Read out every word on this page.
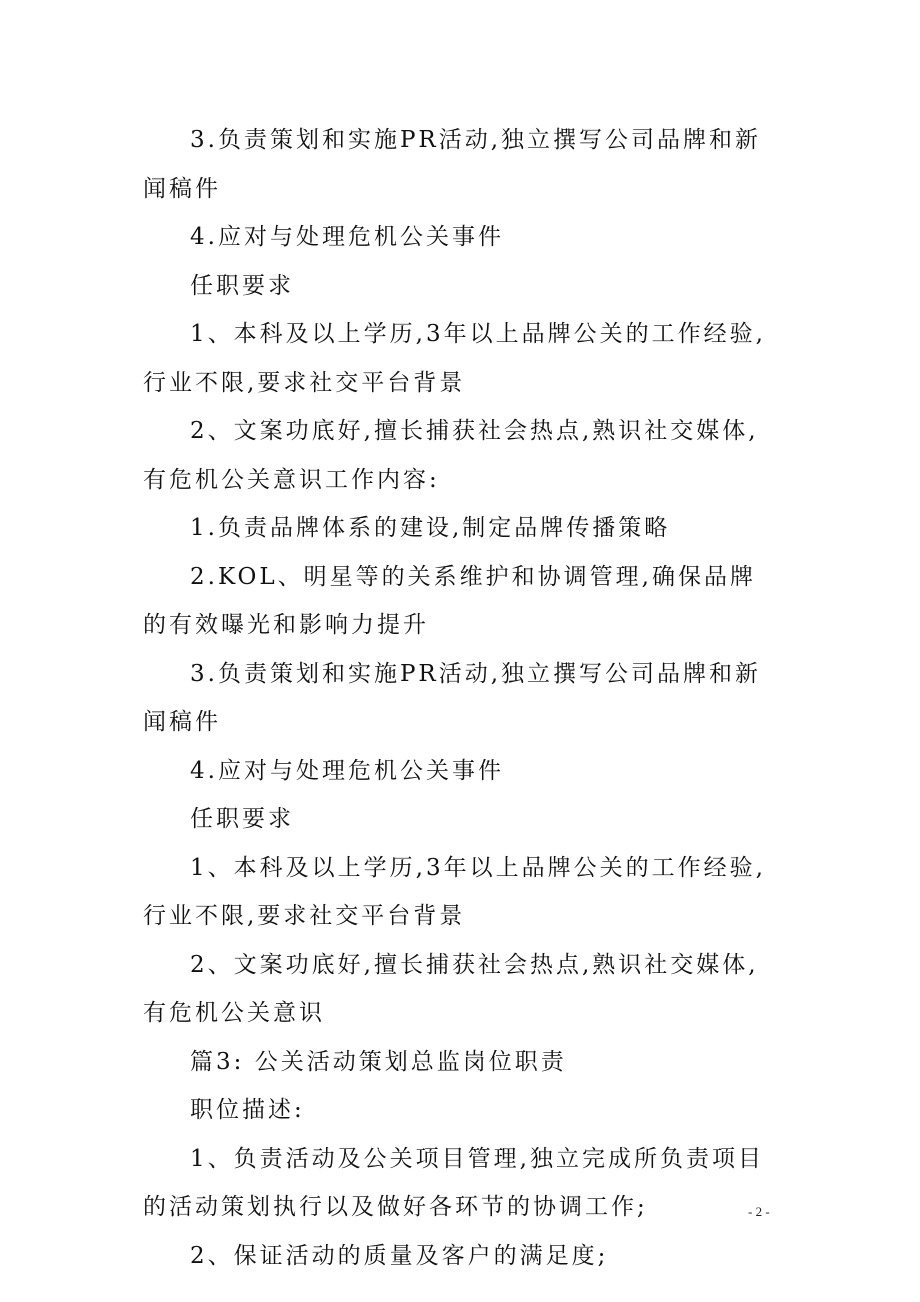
3.负责策划和实施PR活动,独立撰写公司品牌和新闻稿件

4.应对与处理危机公关事件

任职要求

1、本科及以上学历,3年以上品牌公关的工作经验,行业不限,要求社交平台背景

2、文案功底好,擅长捕获社会热点,熟识社交媒体,有危机公关意识工作内容:

1.负责品牌体系的建设,制定品牌传播策略

2.KOL、明星等的关系维护和协调管理,确保品牌的有效曝光和影响力提升

3.负责策划和实施PR活动,独立撰写公司品牌和新闻稿件

4.应对与处理危机公关事件

任职要求

1、本科及以上学历,3年以上品牌公关的工作经验,行业不限,要求社交平台背景

2、文案功底好,擅长捕获社会热点,熟识社交媒体,有危机公关意识

篇3: 公关活动策划总监岗位职责

职位描述:

1、负责活动及公关项目管理,独立完成所负责项目的活动策划执行以及做好各环节的协调工作;

2、保证活动的质量及客户的满足度;

- 2 -
